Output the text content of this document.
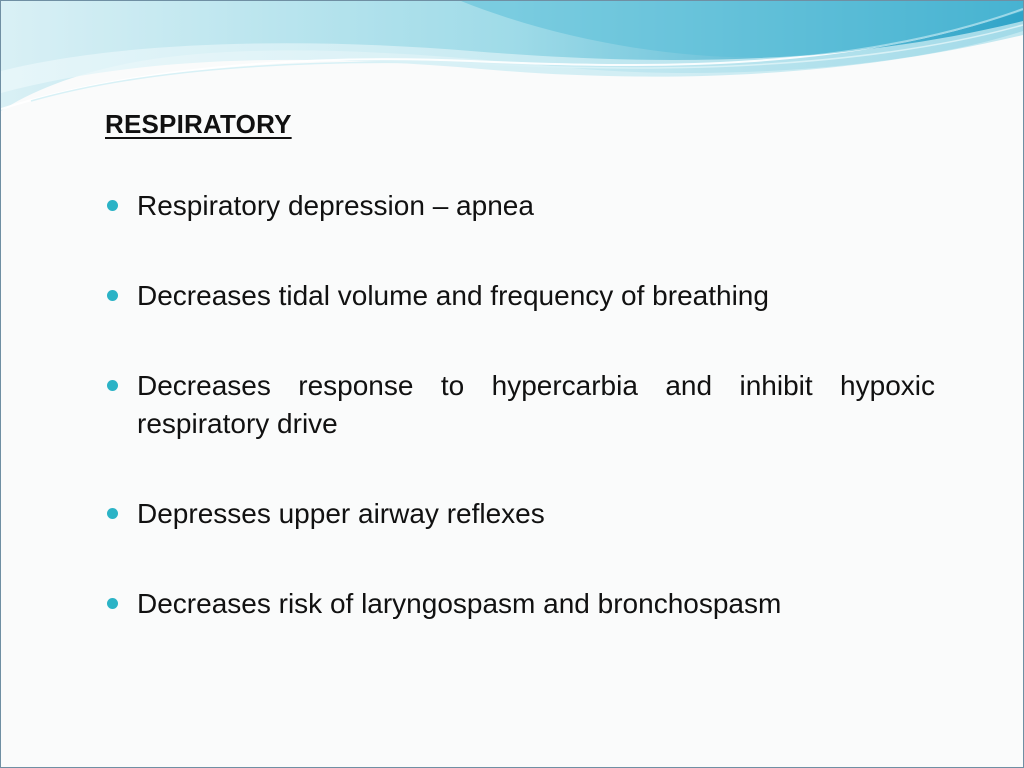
RESPIRATORY
Respiratory depression – apnea
Decreases tidal volume and frequency of breathing
Decreases response to hypercarbia and inhibit hypoxic respiratory drive
Depresses upper airway reflexes
Decreases risk of laryngospasm and bronchospasm
